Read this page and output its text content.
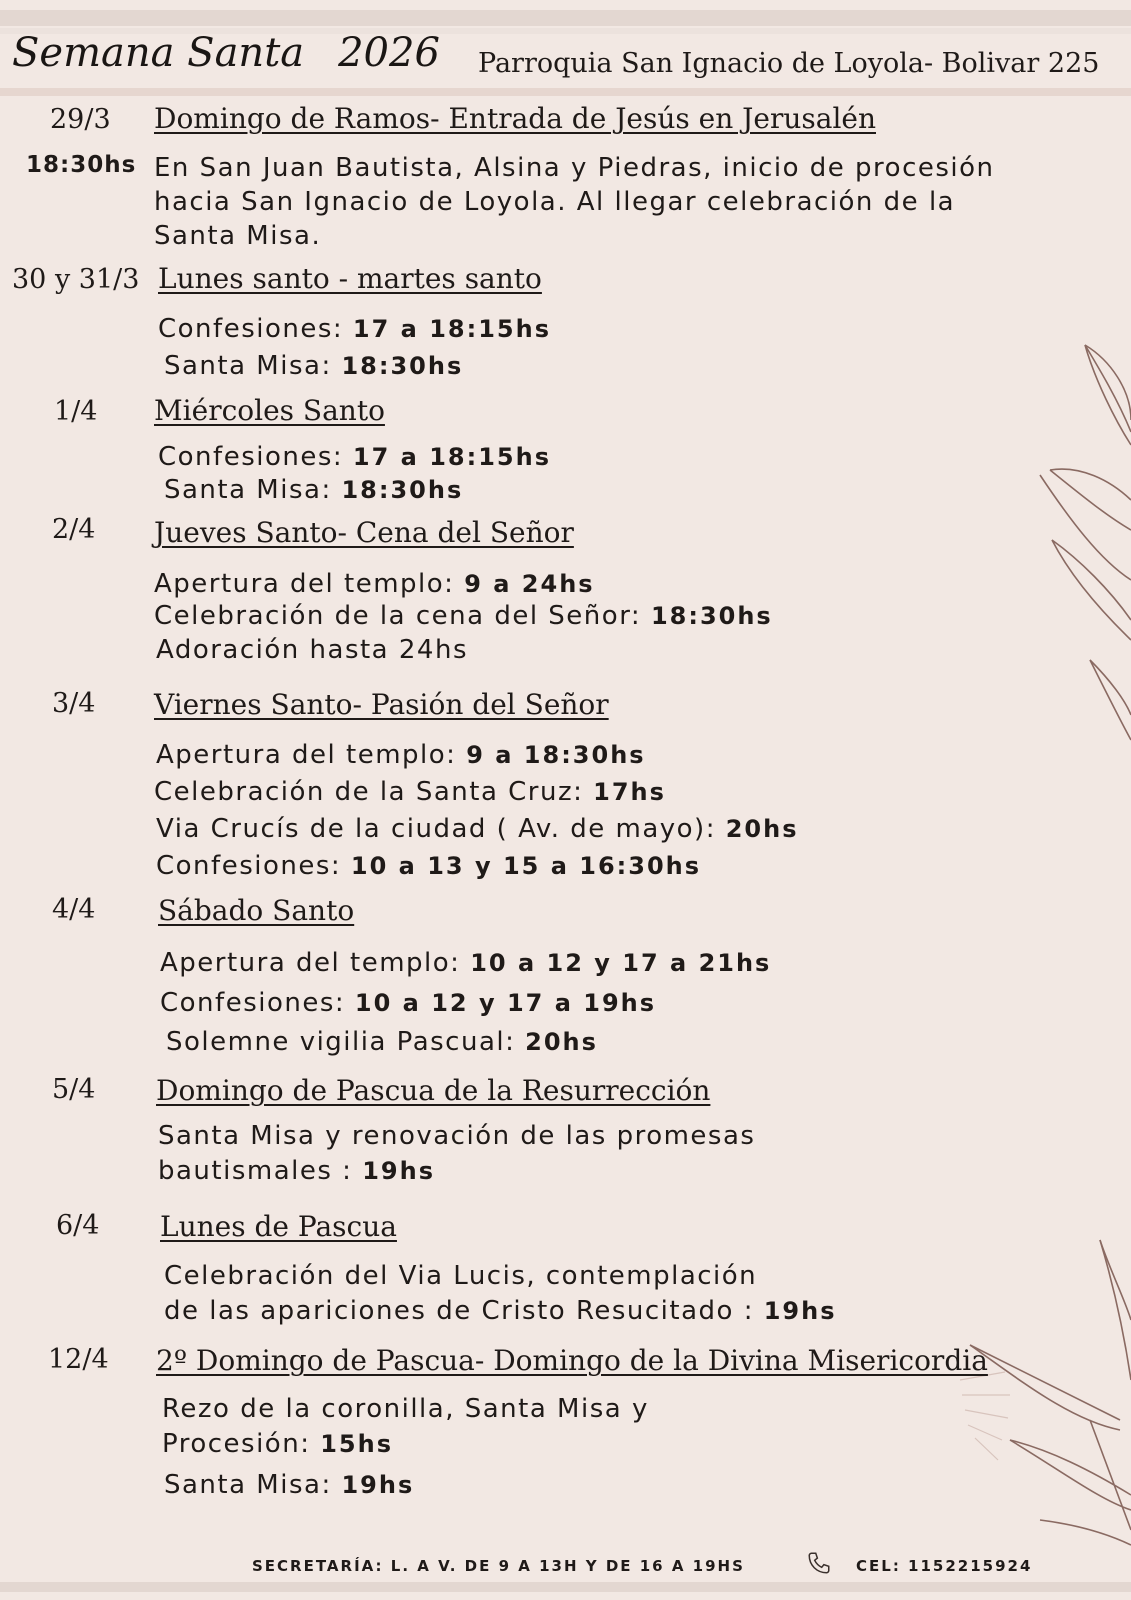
Semana Santa 2026 Parroquia San Ignacio de Loyola- Bolivar 225
29/3 Domingo de Ramos- Entrada de Jesús en Jerusalén
18:30hs En San Juan Bautista, Alsina y Piedras, inicio de procesión
hacia San Ignacio de Loyola. Al llegar celebración de la
Santa Misa.
30 y 31/3 Lunes santo - martes santo
Confesiones: 17 a 18:15hs
Santa Misa: 18:30hs
1/4 Miércoles Santo
Confesiones: 17 a 18:15hs
Santa Misa: 18:30hs
2/4 Jueves Santo- Cena del Señor
Apertura del templo: 9 a 24hs
Celebración de la cena del Señor: 18:30hs
Adoración hasta 24hs
3/4 Viernes Santo- Pasión del Señor
Apertura del templo: 9 a 18:30hs
Celebración de la Santa Cruz: 17hs
Via Crucís de la ciudad ( Av. de mayo): 20hs
Confesiones: 10 a 13 y 15 a 16:30hs
4/4 Sábado Santo
Apertura del templo: 10 a 12 y 17 a 21hs
Confesiones: 10 a 12 y 17 a 19hs
Solemne vigilia Pascual: 20hs
5/4 Domingo de Pascua de la Resurrección
Santa Misa y renovación de las promesas
bautismales : 19hs
6/4 Lunes de Pascua
Celebración del Via Lucis, contemplación
de las apariciones de Cristo Resucitado : 19hs
12/4 2º Domingo de Pascua- Domingo de la Divina Misericordia
Rezo de la coronilla, Santa Misa y
Procesión: 15hs
Santa Misa: 19hs
SECRETARÍA: L. A V. DE 9 A 13H Y DE 16 A 19HS	CEL: 1152215924
